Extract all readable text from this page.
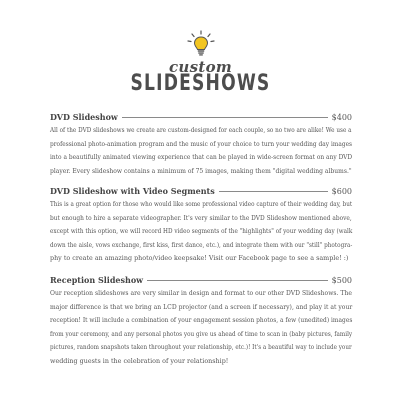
custom
SLIDESHOWS
DVD Slideshow	$400

All of the DVD slideshows we create are custom-designed for each couple, so no two are alike! We use a
professional photo-animation program and the music of your choice to turn your wedding day images
into a beautifully animated viewing experience that can be played in wide-screen format on any DVD
player. Every slideshow contains a minimum of 75 images, making them "digital wedding albums."

DVD Slideshow with Video Segments	$600

This is a great option for those who would like some professional video capture of their wedding day, but
but enough to hire a separate videographer. It's very similar to the DVD Slideshow mentioned above,
except with this option, we will record HD video segments of the "highlights" of your wedding day (walk
down the aisle, vows exchange, first kiss, first dance, etc.), and integrate them with our "still" photogra-
phy to create an amazing photo/video keepsake! Visit our Facebook page to see a sample! :)

Reception Slideshow	$500

Our reception slideshows are very similar in design and format to our other DVD Slideshows. The
major difference is that we bring an LCD projector (and a screen if necessary), and play it at your
reception! It will include a combination of your engagement session photos, a few (unedited) images
from your ceremony, and any personal photos you give us ahead of time to scan in (baby pictures, family
pictures, random snapshots taken throughout your relationship, etc.)! It's a beautiful way to include your
wedding guests in the celebration of your relationship!
